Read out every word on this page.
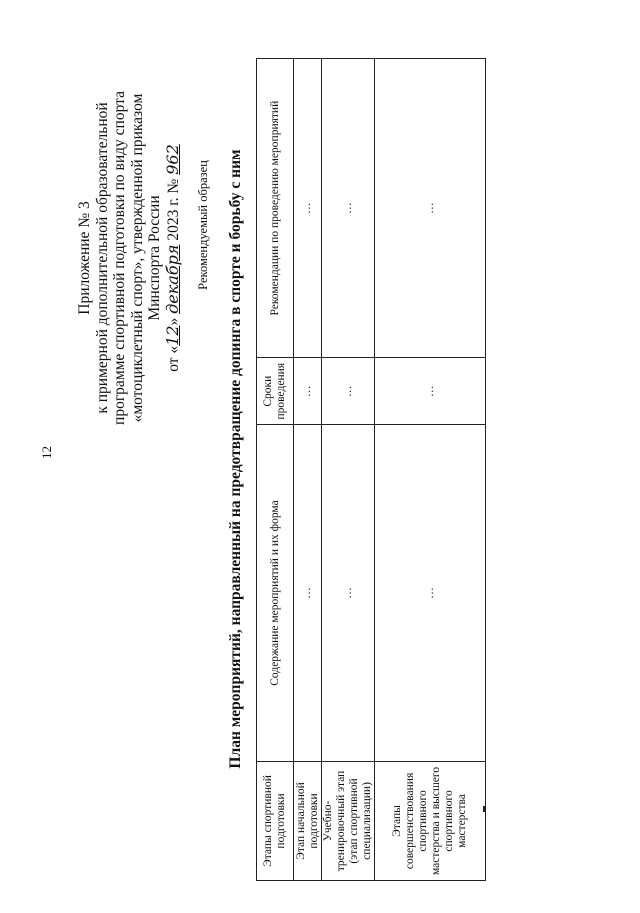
12
Приложение № 3 к примерной дополнительной образовательной программе спортивной подготовки по виду спорта «мотоциклетный спорт», утвержденной приказом Минспорта России
от «12» декабря 2023 г. № 962
Рекомендуемый образец План мероприятий, направленный на предотвращение допинга в спорте и борьбу с ним
Этапы спортивной подготовки	Содержание мероприятий и их форма	Сроки проведения	Рекомендации по проведению мероприятий
Этап начальной подготовки	…	…	…
Учебно-тренировочный этап (этап спортивной специализации)	…	…	…
Этапы совершенствования спортивного мастерства и высшего спортивного мастерства	…	…	…
